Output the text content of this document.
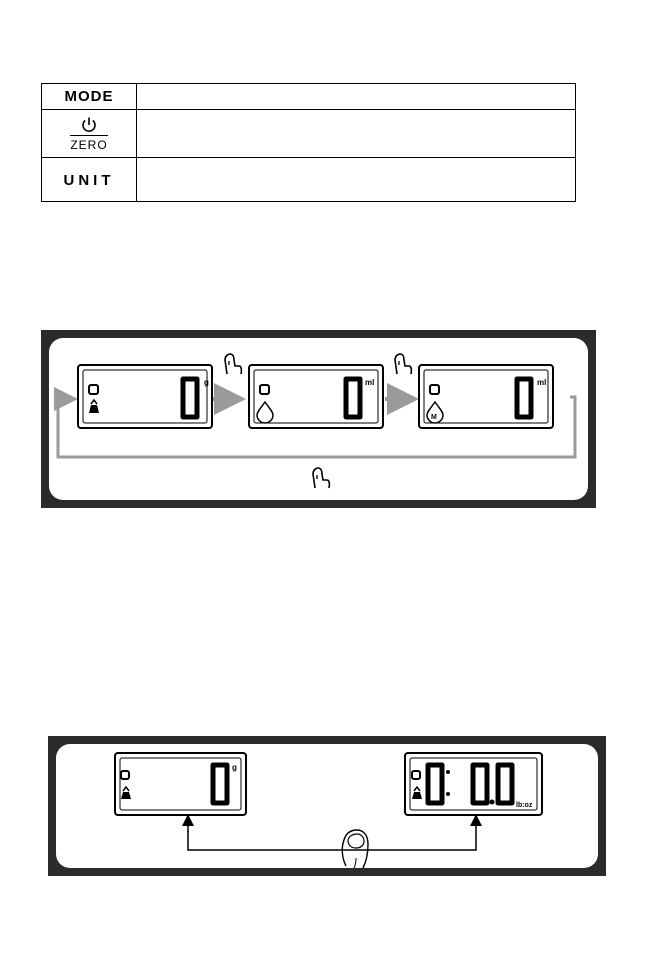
MODE
ZERO
UNIT
g	ml
M
ml
g
lb:oz
